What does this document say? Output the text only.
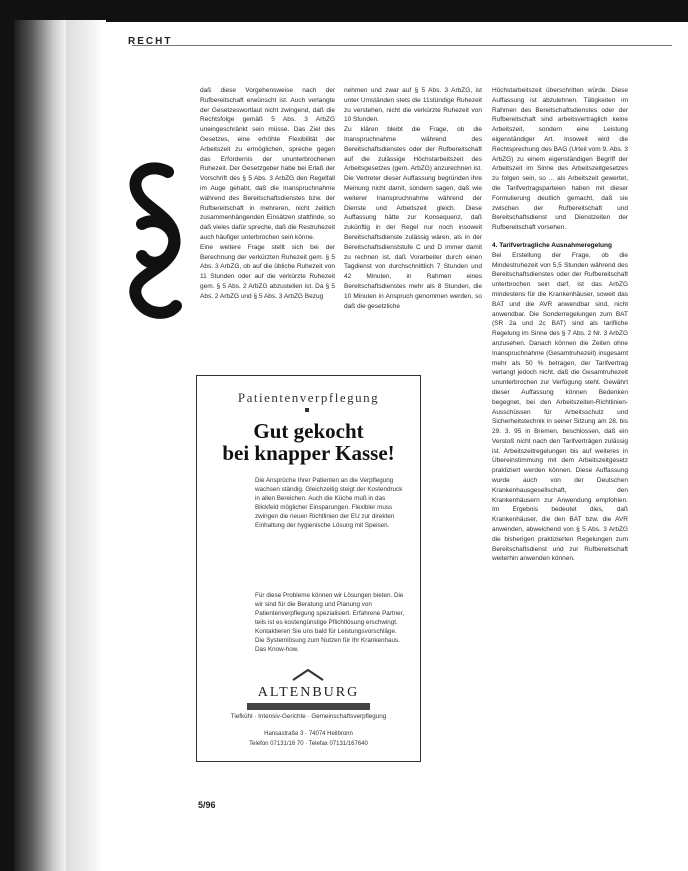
RECHT

daß diese Vorgehensweise nach der Rufbereitschaft erwünscht ist. Auch verlangte der Gesetzeswortlaut nicht zwingend, daß die Rechtsfolge gemäß 5 Abs. 3 ArbZG uneingeschränkt sein müsse. Das Ziel des Gesetzes, eine erhöhte Flexibilität der Arbeitszeit zu ermöglichen, spreche gegen das Erfordernis der ununterbrochenen Ruhezeit. Der Gesetzgeber habe bei Erlaß der Vorschrift des § 5 Abs. 3 ArbZG den Regelfall im Auge gehabt, daß die Inanspruchnahme während des Bereitschaftsdienstes bzw. der Rufbereitschaft in mehreren, nicht zeitlich zusammenhängenden Einsätzen stattfinde, so daß vieles dafür spreche, daß die Restruhezeit auch häufiger unterbrochen sein könne.

Eine weitere Frage stellt sich bei der Berechnung der verkürzten Ruhezeit gem. § 5 Abs. 3 ArbZG, ob auf die übliche Ruhezeit von 11 Stunden oder auf die verkürzte Ruhezeit gem. § 5 Abs. 2 ArbZG abzustellen ist. Da § 5 Abs. 2 ArbZG und § 5 Abs. 3 ArbZG Bezug

nehmen und zwar auf § 5 Abs. 3 ArbZG, ist unter Umständen stets die 11stündige Ruhezeit zu verstehen, nicht die verkürzte Ruhezeit von 10 Stunden.

Zu klären bleibt die Frage, ob die Inanspruchnahme während des Bereitschaftsdienstes oder der Rufbereitschaft auf die zulässige Höchstarbeitszeit des Arbeitsgesetzes (gem. ArbZG) anzurechnen ist. Die Vertreter dieser Auffassung begründen ihre Meinung nicht damit, sondern sagen, daß wie weiterer Inanspruchnahme während der Dienste und Arbeitszeit gleich. Diese Auffassung hätte zur Konsequenz, daß zukünftig in der Regel nur noch insoweit Bereitschaftsdienste zulässig wären, als in der Bereitschaftsdienststufe C und D immer damit zu rechnen ist, daß Vorarbeiter durch einen Tagdienst von durchschnittlich 7 Stunden und 42 Minuten, in Rahmen eines Bereitschaftsdienstes mehr als 8 Stunden, die 10 Minuten in Anspruch genommen werden, so daß die gesetzliche

Höchstarbeitszeit überschritten würde. Diese Auffassung ist abzulehnen. Tätigkeiten im Rahmen des Bereitschaftsdienstes oder der Rufbereitschaft sind arbeitsvertraglich keine Arbeitszeit, sondern eine Leistung eigenständiger Art. Insoweit wird die Rechtsprechung des BAG (Urteil vom 9. Abs. 3 ArbZG) zu einem eigenständigen Begriff der Arbeitszeit im Sinne des Arbeitszeitgesetzes zu folgen sein, so ... als Arbeitszeit gewertet, die Tarifvertragsparteien haben mit dieser Formulierung deutlich gemacht, daß sie zwischen der Rufbereitschaft und Bereitschaftsdienst und Dienstzeiten der Rufbereitschaft vorsehen.

4. Tarifvertragliche Ausnahmeregelung

Bei Erstellung der Frage, ob die Mindestruhezeit von 5,5 Stunden während des Bereitschaftsdienstes oder der Rufbereitschaft unterbrochen sein darf, ist das ArbZG mindestens für die Krankenhäuser, soweit das BAT und die AVR anwendbar sind, nicht anwendbar. Die Sonderregelungen zum BAT (SR 2a und 2c BAT) sind als tarifliche Regelung im Sinne des § 7 Abs. 2 Nr. 3 ArbZG anzusehen. Danach können die Zeiten ohne Inanspruchnahme (Gesamtruhezeit) insgesamt mehr als 50 % betragen, der Tarifvertrag verlangt jedoch nicht, daß die Gesamtruhezeit ununterbrochen zur Verfügung steht. Gewährt dieser Auffassung können Bedenken begegnet, bei den Arbeitszeiten-Richtlinien-Ausschüssen für Arbeitsschutz und Sicherheitstechnik in seiner Sitzung am 28. bis 29. 3. 95 in Bremen, beschlossen, daß ein Verstoß nicht nach den Tarifverträgen zulässig ist. Arbeitszeitregelungen bis auf weiteres in Übereinstimmung mit dem Arbeitszeitgesetz praktiziert werden können. Diese Auffassung wurde auch von der Deutschen Krankenhausgesellschaft, den Krankenhäusern zur Anwendung empfohlen. Im Ergebnis bedeutet dies, daß Krankenhäuser, die den BAT bzw. die AVR anwenden, abweichend von § 5 Abs. 3 ArbZG die bisherigen praktizierten Regelungen zum Bereitschaftsdienst und zur Rufbereitschaft weiterhin anwenden können.

Patientenverpflegung
Gut gekocht
bei knapper Kasse!
Die Ansprüche Ihrer Patienten an die Verpflegung wachsen ständig. Gleichzeitig steigt der Kostendruck in allen Bereichen. Auch die Küche muß in das Blickfeld möglicher Einsparungen. Flexibler muss zwingen die neuen Richtlinien der EU zur direkten Einhaltung der hygienische Lösung mit Speisen.
Für diese Probleme können wir Lösungen bieten. Die wir sind für die Beratung und Planung von Patientenverpflegung spezialisiert. Erfahrene Partner, teils ist es kostengünstige Pflichtlösung erschwingt. Kontaktieren Sie uns bald für Leistungsvorschläge. Die Systemlösung zum Nutzen für Ihr Krankenhaus. Das Know-how.
ALTENBURG
Tiefkühl · Intensiv-Gerichte · Gemeinschaftsverpflegung
Hansastraße 3 · 74074 Heilbronn
Telefon 07131/16 70 · Telefax 07131/167640
5/96
